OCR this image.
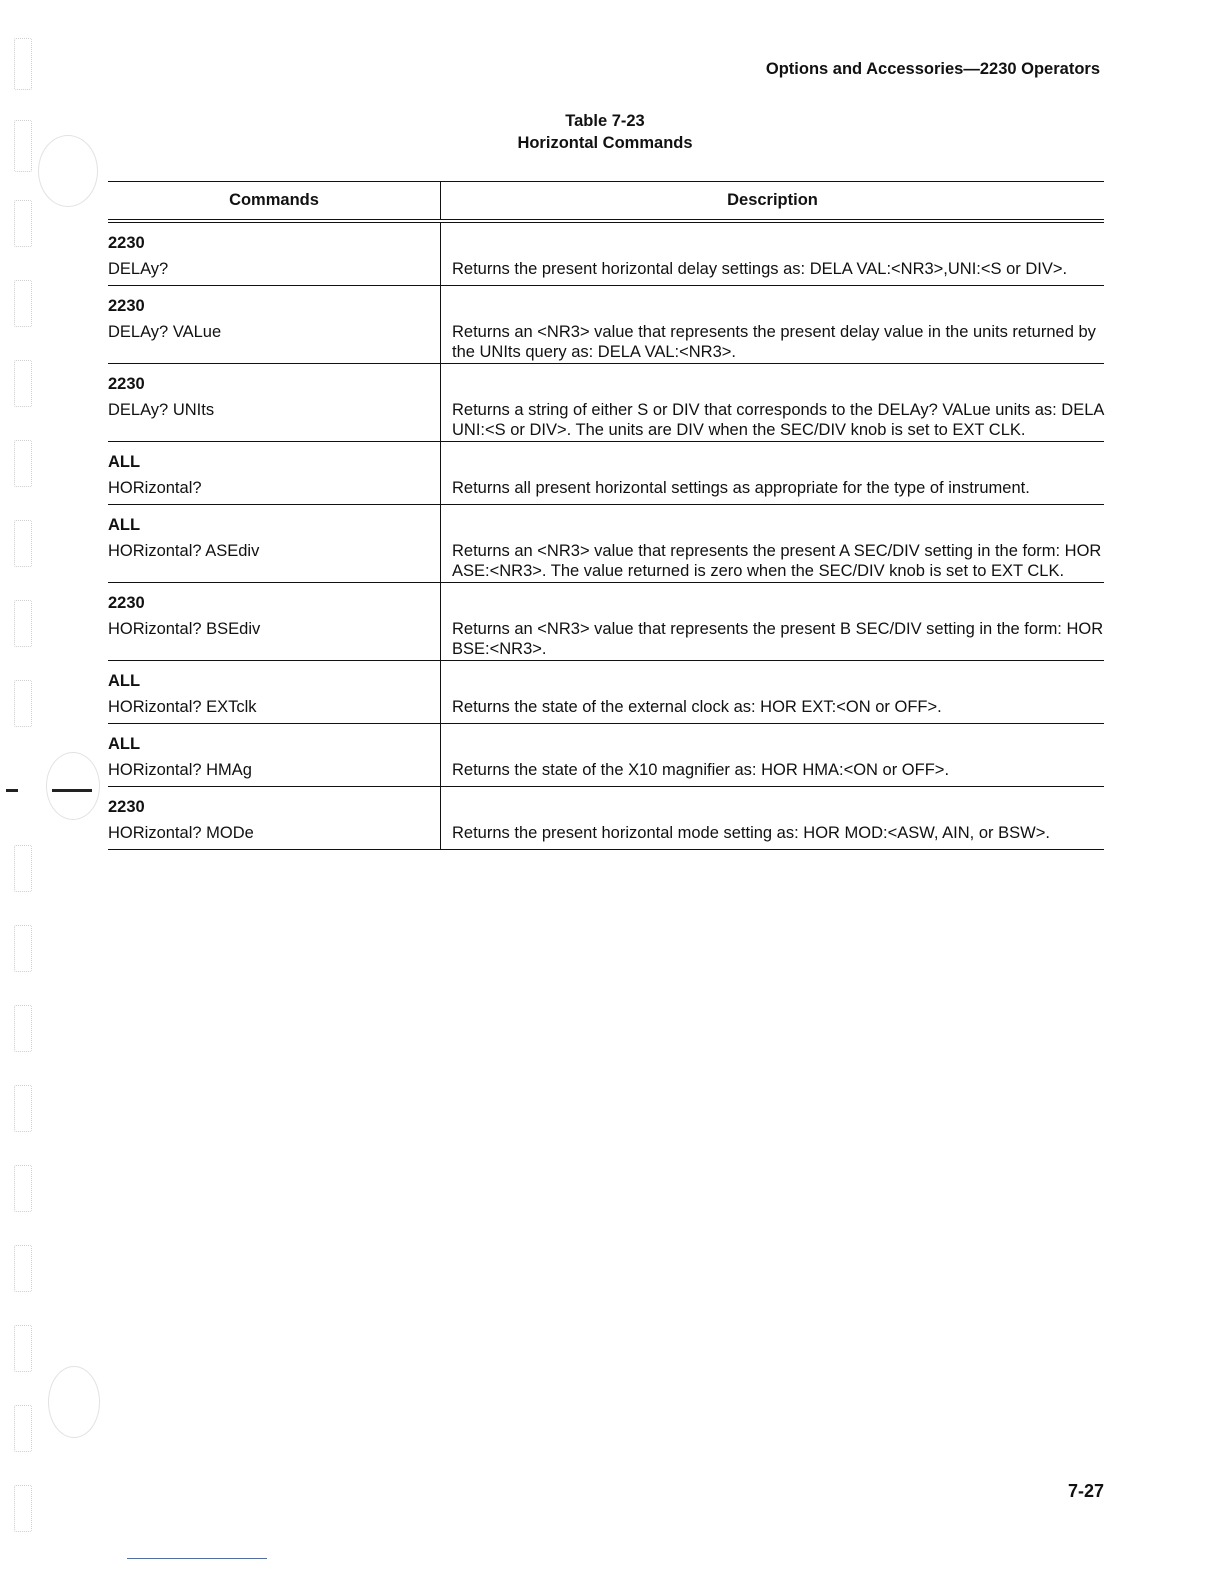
Options and Accessories—2230 Operators
Table 7-23
Horizontal Commands
Commands	Description

2230
DELAy?	Returns the present horizontal delay settings as: DELA VAL:<NR3>,UNI:<S or DIV>.

2230
DELAy? VALue	Returns an <NR3> value that represents the present delay value in the units returned by the UNIts query as: DELA VAL:<NR3>.

2230
DELAy? UNIts	Returns a string of either S or DIV that corresponds to the DELAy? VALue units as: DELA UNI:<S or DIV>. The units are DIV when the SEC/DIV knob is set to EXT CLK.

ALL
HORizontal?	Returns all present horizontal settings as appropriate for the type of instrument.

ALL
HORizontal? ASEdiv	Returns an <NR3> value that represents the present A SEC/DIV setting in the form: HOR ASE:<NR3>. The value returned is zero when the SEC/DIV knob is set to EXT CLK.

2230
HORizontal? BSEdiv	Returns an <NR3> value that represents the present B SEC/DIV setting in the form: HOR BSE:<NR3>.

ALL
HORizontal? EXTclk	Returns the state of the external clock as: HOR EXT:<ON or OFF>.

ALL
HORizontal? HMAg	Returns the state of the X10 magnifier as: HOR HMA:<ON or OFF>.

2230
HORizontal? MODe	Returns the present horizontal mode setting as: HOR MOD:<ASW, AIN, or BSW>.
7-27
